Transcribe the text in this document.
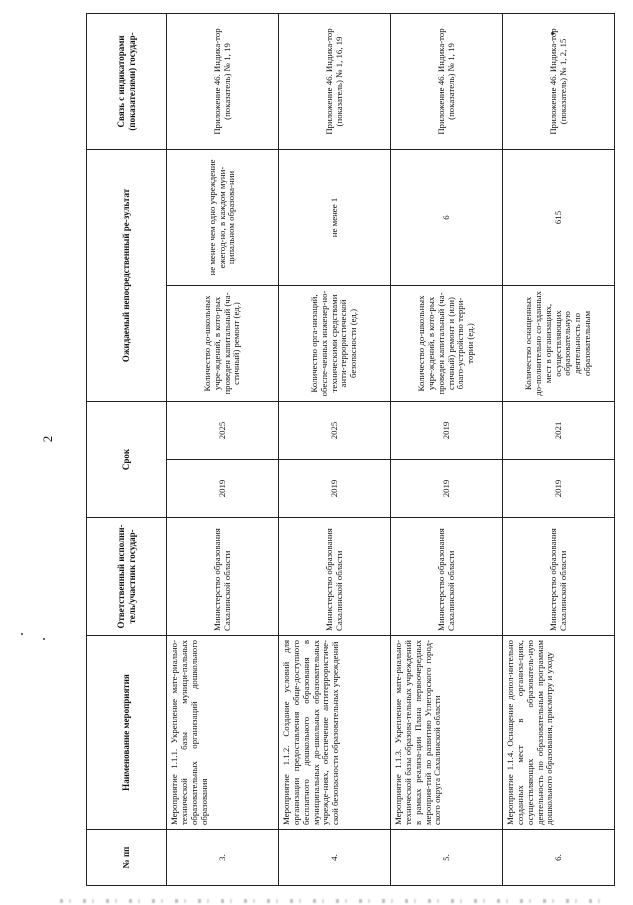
2
№ пп	Наименование мероприятия	Ответственный исполни-тель/участник государ-	Срок		Ожидаемый непосредственный ре-зультат		Связь с индикаторами (показателями) государ-
3.	Мероприятие 1.1.1. Укрепление мате-риально-технической базы муници-пальных образовательных организаций дошкольного образования	Министерство образования Сахалинской области	2019	2025	Количество до-школьных учре-ждений, в кото-рых проведен капитальный (ча-стичный) ремонт (ед.)	не менее чем одно учреждение ежегод-но, в каждом муни-ципальном образова-нии	Приложение 46. Индика-тор (показатель) № 1, 19
4.	Мероприятие 1.1.2. Создание условий для организации предоставления обще-доступного бесплатного дошкольного образования в муниципальных до-школьных образовательных учрежде-ниях, обеспечение антитеррористиче-ской безопасности образовательных учреждений	Министерство образования Сахалинской области	2019	2025	Количество орга-низаций, обеспе-ченных инженер-но-техническими средствами анти-террористической безопасности (ед.)	не менее 1	Приложение 46. Индика-тор (показатель) № 1, 16, 19
5.	Мероприятие 1.1.3. Укрепление мате-риально-технической базы образова-тельных учреждений в рамках реализа-ции Плана первоочередных мероприя-тий по развитию Углегорского город-ского округа Сахалинской области	Министерство образования Сахалинской области	2019	2019	Количество до-школьных учре-ждений, в кото-рых проведен капитальный (ча-стичный) ремонт и (или) благо-устройство терри-тории (ед.)	6	Приложение 46. Индика-тор (показатель) № 1, 19
6.	Мероприятие 1.1.4. Оснащение допол-нительно созданных мест в организа-циях, осуществляющих образователь-ную деятельность по образовательным программам дошкольного образования, присмотру и уходу	Министерство образования Сахалинской области	2019	2021	Количество оснащенных до-полнительно со-зданных мест в организациях, осуществляющих образовательную деятельность по образовательным	615	Приложение 46. Индика-тор (показатель) № 1, 2, 15
